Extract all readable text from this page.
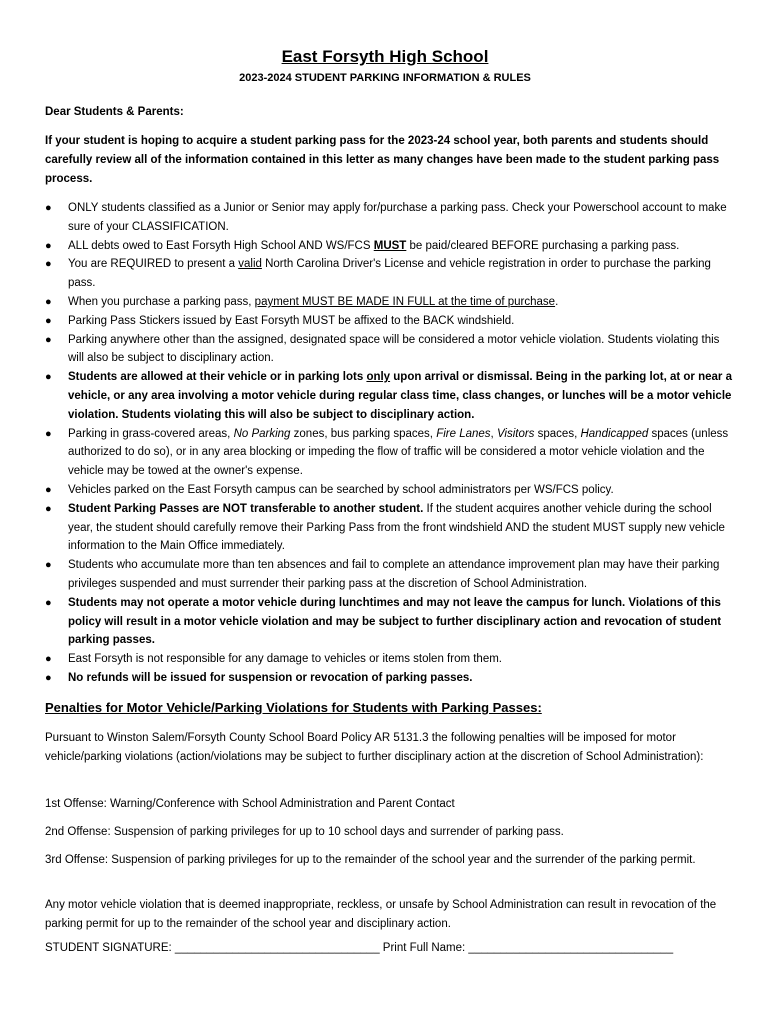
East Forsyth High School
2023-2024 STUDENT PARKING INFORMATION & RULES
Dear Students & Parents:

If your student is hoping to acquire a student parking pass for the 2023-24 school year, both parents and students should carefully review all of the information contained in this letter as many changes have been made to the student parking pass process.

● ONLY students classified as a Junior or Senior may apply for/purchase a parking pass. Check your Powerschool account to make sure of your CLASSIFICATION.
● ALL debts owed to East Forsyth High School AND WS/FCS MUST be paid/cleared BEFORE purchasing a parking pass.
● You are REQUIRED to present a valid North Carolina Driver's License and vehicle registration in order to purchase the parking pass.
● When you purchase a parking pass, payment MUST BE MADE IN FULL at the time of purchase.
● Parking Pass Stickers issued by East Forsyth MUST be affixed to the BACK windshield.
● Parking anywhere other than the assigned, designated space will be considered a motor vehicle violation. Students violating this will also be subject to disciplinary action.
● Students are allowed at their vehicle or in parking lots only upon arrival or dismissal. Being in the parking lot, at or near a vehicle, or any area involving a motor vehicle during regular class time, class changes, or lunches will be a motor vehicle violation. Students violating this will also be subject to disciplinary action.
● Parking in grass-covered areas, No Parking zones, bus parking spaces, Fire Lanes, Visitors spaces, Handicapped spaces (unless authorized to do so), or in any area blocking or impeding the flow of traffic will be considered a motor vehicle violation and the vehicle may be towed at the owner's expense.
● Vehicles parked on the East Forsyth campus can be searched by school administrators per WS/FCS policy.
● Student Parking Passes are NOT transferable to another student. If the student acquires another vehicle during the school year, the student should carefully remove their Parking Pass from the front windshield AND the student MUST supply new vehicle information to the Main Office immediately.
● Students who accumulate more than ten absences and fail to complete an attendance improvement plan may have their parking privileges suspended and must surrender their parking pass at the discretion of School Administration.
● Students may not operate a motor vehicle during lunchtimes and may not leave the campus for lunch. Violations of this policy will result in a motor vehicle violation and may be subject to further disciplinary action and revocation of student parking passes.
● East Forsyth is not responsible for any damage to vehicles or items stolen from them.
● No refunds will be issued for suspension or revocation of parking passes.
Penalties for Motor Vehicle/Parking Violations for Students with Parking Passes:

Pursuant to Winston Salem/Forsyth County School Board Policy AR 5131.3 the following penalties will be imposed for motor vehicle/parking violations (action/violations may be subject to further disciplinary action at the discretion of School Administration):

1st Offense: Warning/Conference with School Administration and Parent Contact

2nd Offense: Suspension of parking privileges for up to 10 school days and surrender of parking pass.

3rd Offense: Suspension of parking privileges for up to the remainder of the school year and the surrender of the parking permit.

Any motor vehicle violation that is deemed inappropriate, reckless, or unsafe by School Administration can result in revocation of the parking permit for up to the remainder of the school year and disciplinary action.

STUDENT SIGNATURE: ________________________________ Print Full Name: ________________________________
